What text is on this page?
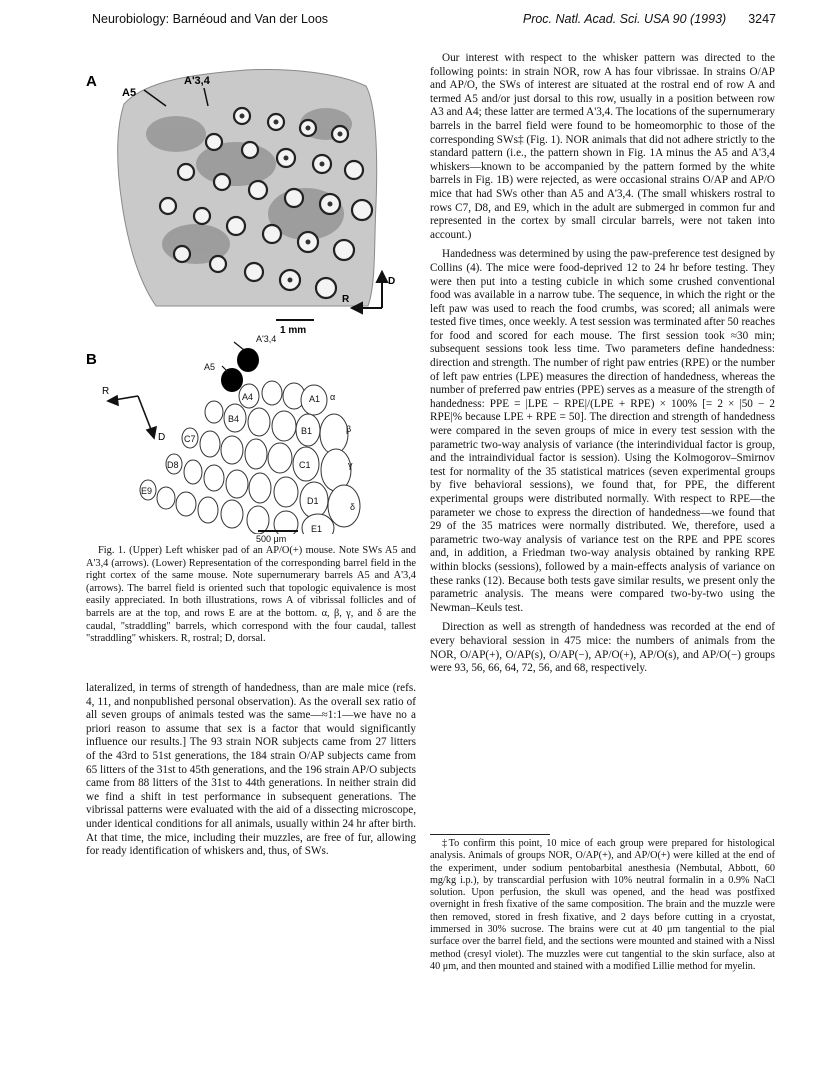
Neurobiology: Barnéoud and Van der Loos	Proc. Natl. Acad. Sci. USA 90 (1993) 3247
A
A5
A'3,4
1 mm
D
R
B
R
D
A5
A'3,4
A4	A1 α
B4
B1	β
C7
C1	γ
D8
D1
δ
E9
E1
500 μm

Fig. 1. (Upper) Left whisker pad of an AP/O(+) mouse. Note SWs A5 and A'3,4 (arrows). (Lower) Representation of the corresponding barrel field in the right cortex of the same mouse. Note supernumerary barrels A5 and A'3,4 (arrows). The barrel field is oriented such that topologic equivalence is most easily appreciated. In both illustrations, rows A of vibrissal follicles and of barrels are at the top, and rows E are at the bottom. α, β, γ, and δ are the caudal, "straddling" barrels, which correspond with the four caudal, tallest "straddling" whiskers. R, rostral; D, dorsal.

lateralized, in terms of strength of handedness, than are male mice (refs. 4, 11, and nonpublished personal observation). As the overall sex ratio of all seven groups of animals tested was the same—≈1:1—we have no a priori reason to assume that sex is a factor that would significantly influence our results.] The 93 strain NOR subjects came from 27 litters of the 43rd to 51st generations, the 184 strain O/AP subjects came from 65 litters of the 31st to 45th generations, and the 196 strain AP/O subjects came from 88 litters of the 31st to 44th generations. In neither strain did we find a shift in test performance in subsequent generations. The vibrissal patterns were evaluated with the aid of a dissecting microscope, under identical conditions for all animals, usually within 24 hr after birth. At that time, the mice, including their muzzles, are free of fur, allowing for ready identification of whiskers and, thus, of SWs.

Our interest with respect to the whisker pattern was directed to the following points: in strain NOR, row A has four vibrissae. In strains O/AP and AP/O, the SWs of interest are situated at the rostral end of row A and termed A5 and/or just dorsal to this row, usually in a position between row A3 and A4; these latter are termed A'3,4. The locations of the supernumerary barrels in the barrel field were found to be homeomorphic to those of the corresponding SWs‡ (Fig. 1). NOR animals that did not adhere strictly to the standard pattern (i.e., the pattern shown in Fig. 1A minus the A5 and A'3,4 whiskers—known to be accompanied by the pattern formed by the white barrels in Fig. 1B) were rejected, as were occasional strains O/AP and AP/O mice that had SWs other than A5 and A'3,4. (The small whiskers rostral to rows C7, D8, and E9, which in the adult are submerged in common fur and represented in the cortex by small circular barrels, were not taken into account.)

Handedness was determined by using the paw-preference test designed by Collins (4). The mice were food-deprived 12 to 24 hr before testing. They were then put into a testing cubicle in which some crushed conventional food was available in a narrow tube. The sequence, in which the right or the left paw was used to reach the food crumbs, was scored; all animals were tested five times, once weekly. A test session was terminated after 50 reaches for food and scored for each mouse. The first session took ≈30 min; subsequent sessions took less time. Two parameters define handedness: direction and strength. The number of right paw entries (RPE) or the number of left paw entries (LPE) measures the direction of handedness, whereas the number of preferred paw entries (PPE) serves as a measure of the strength of handedness: PPE = |LPE − RPE|/(LPE + RPE) × 100% [= 2 × |50 − 2 RPE|% because LPE + RPE = 50]. The direction and strength of handedness were compared in the seven groups of mice in every test session with the parametric two-way analysis of variance (the interindividual factor is group, and the intraindividual factor is session). Using the Kolmogorov–Smirnov test for normality of the 35 statistical matrices (seven experimental groups by five behavioral sessions), we found that, for PPE, the different experimental groups were distributed normally. With respect to RPE—the parameter we chose to express the direction of handedness—we found that 29 of the 35 matrices were normally distributed. We, therefore, used a parametric two-way analysis of variance test on the RPE and PPE scores and, in addition, a Friedman two-way analysis obtained by ranking RPE within blocks (sessions), followed by a main-effects analysis of variance on these ranks (12). Because both tests gave similar results, we present only the parametric analysis. The means were compared two-by-two using the Newman–Keuls test.

Direction as well as strength of handedness was recorded at the end of every behavioral session in 475 mice: the numbers of animals from the NOR, O/AP(+), O/AP(s), O/AP(−), AP/O(+), AP/O(s), and AP/O(−) groups were 93, 56, 66, 64, 72, 56, and 68, respectively.

‡To confirm this point, 10 mice of each group were prepared for histological analysis. Animals of groups NOR, O/AP(+), and AP/O(+) were killed at the end of the experiment, under sodium pentobarbital anesthesia (Nembutal, Abbott, 60 mg/kg i.p.), by transcardial perfusion with 10% neutral formalin in a 0.9% NaCl solution. Upon perfusion, the skull was opened, and the head was postfixed overnight in fresh fixative of the same composition. The brain and the muzzle were then removed, stored in fresh fixative, and 2 days before cutting in a cryostat, immersed in 30% sucrose. The brains were cut at 40 μm tangential to the pial surface over the barrel field, and the sections were mounted and stained with a Nissl method (cresyl violet). The muzzles were cut tangential to the skin surface, also at 40 μm, and then mounted and stained with a modified Lillie method for myelin.
